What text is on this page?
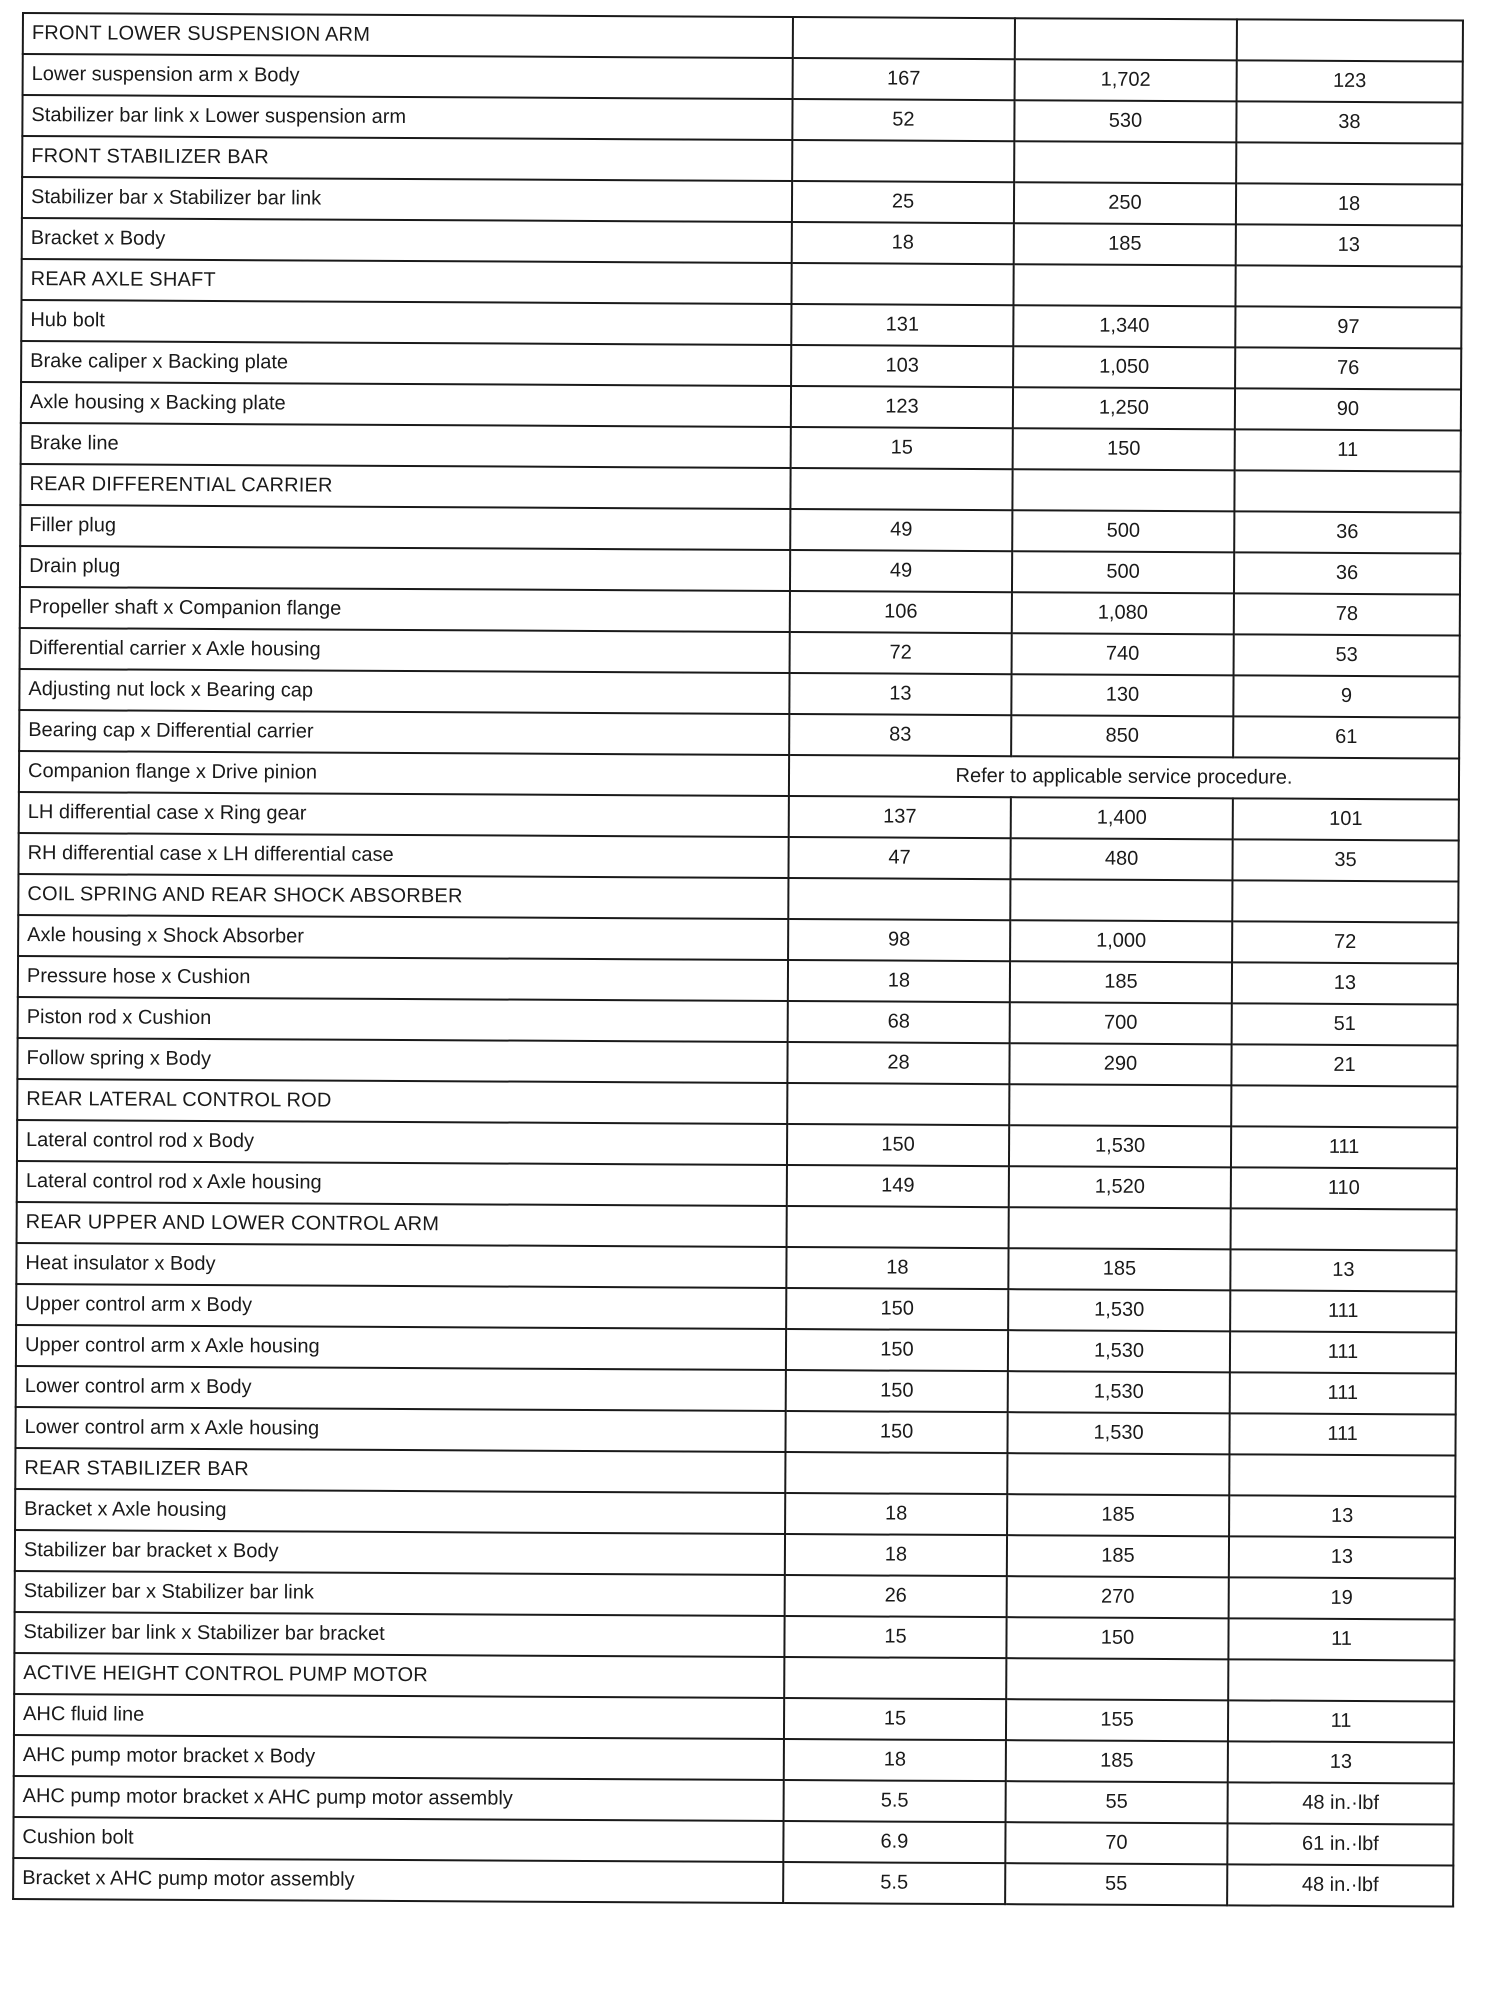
FRONT LOWER SUSPENSION ARM			
Lower suspension arm x Body	167	1,702	123
Stabilizer bar link x Lower suspension arm	52	530	38
FRONT STABILIZER BAR			
Stabilizer bar x Stabilizer bar link	25	250	18
Bracket x Body	18	185	13
REAR AXLE SHAFT			
Hub bolt	131	1,340	97
Brake caliper x Backing plate	103	1,050	76
Axle housing x Backing plate	123	1,250	90
Brake line	15	150	11
REAR DIFFERENTIAL CARRIER			
Filler plug	49	500	36
Drain plug	49	500	36
Propeller shaft x Companion flange	106	1,080	78
Differential carrier x Axle housing	72	740	53
Adjusting nut lock x Bearing cap	13	130	9
Bearing cap x Differential carrier	83	850	61
Companion flange x Drive pinion	Refer to applicable service procedure.		
LH differential case x Ring gear	137	1,400	101
RH differential case x LH differential case	47	480	35
COIL SPRING AND REAR SHOCK ABSORBER			
Axle housing x Shock Absorber	98	1,000	72
Pressure hose x Cushion	18	185	13
Piston rod x Cushion	68	700	51
Follow spring x Body	28	290	21
REAR LATERAL CONTROL ROD			
Lateral control rod x Body	150	1,530	111
Lateral control rod x Axle housing	149	1,520	110
REAR UPPER AND LOWER CONTROL ARM			
Heat insulator x Body	18	185	13
Upper control arm x Body	150	1,530	111
Upper control arm x Axle housing	150	1,530	111
Lower control arm x Body	150	1,530	111
Lower control arm x Axle housing	150	1,530	111
REAR STABILIZER BAR			
Bracket x Axle housing	18	185	13
Stabilizer bar bracket x Body	18	185	13
Stabilizer bar x Stabilizer bar link	26	270	19
Stabilizer bar link x Stabilizer bar bracket	15	150	11
ACTIVE HEIGHT CONTROL PUMP MOTOR			
AHC fluid line	15	155	11
AHC pump motor bracket x Body	18	185	13
AHC pump motor bracket x AHC pump motor assembly	5.5	55	48 in.·lbf
Cushion bolt	6.9	70	61 in.·lbf
Bracket x AHC pump motor assembly	5.5	55	48 in.·lbf
